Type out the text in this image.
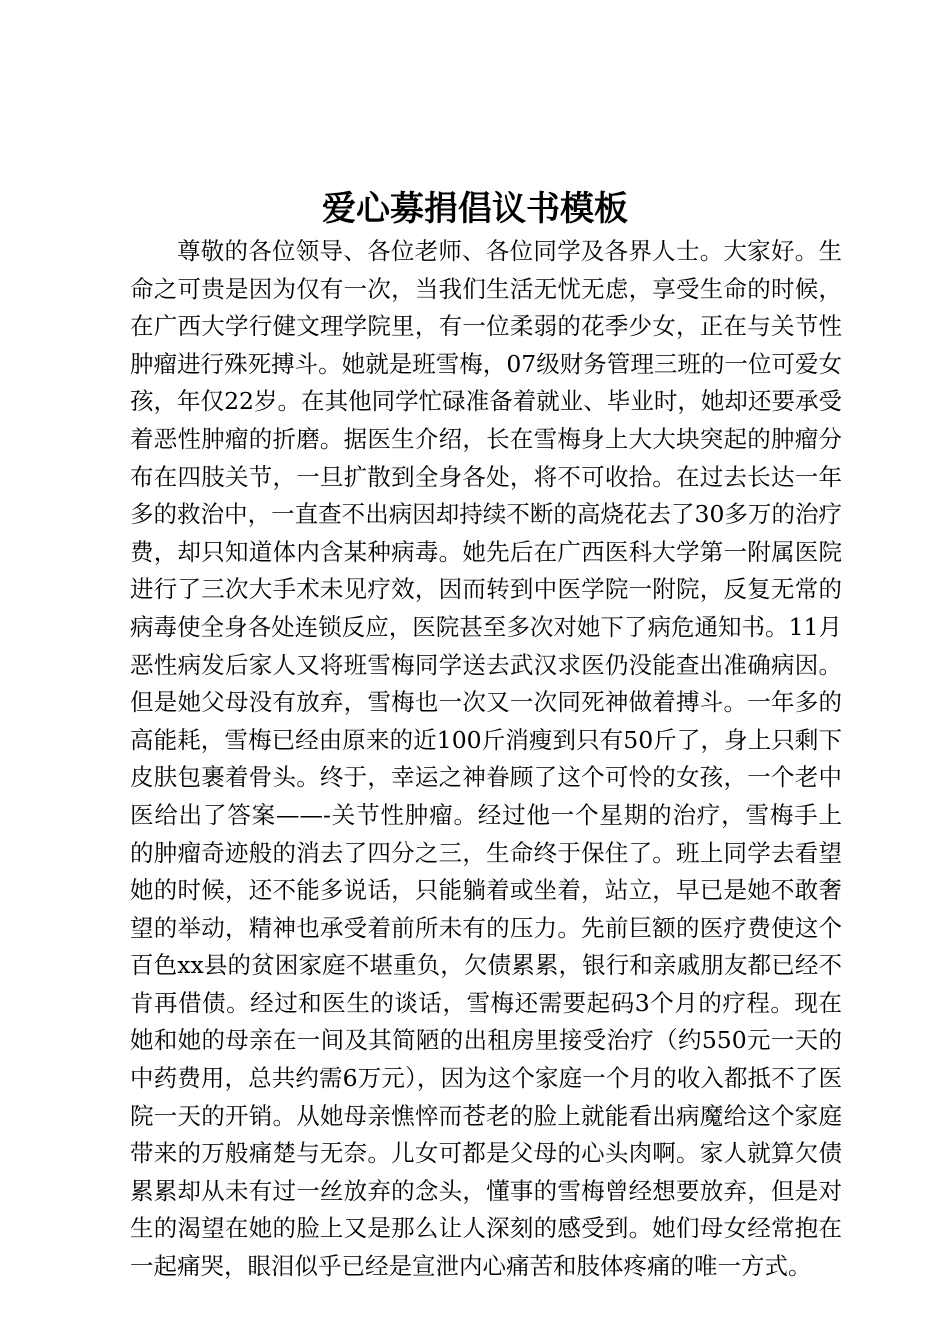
爱心募捐倡议书模板

尊敬的各位领导、各位老师、各位同学及各界人士。大家好。生命之可贵是因为仅有一次，当我们生活无忧无虑，享受生命的时候，在广西大学行健文理学院里，有一位柔弱的花季少女，正在与关节性肿瘤进行殊死搏斗。她就是班雪梅，07级财务管理三班的一位可爱女孩，年仅22岁。在其他同学忙碌准备着就业、毕业时，她却还要承受着恶性肿瘤的折磨。据医生介绍，长在雪梅身上大大块突起的肿瘤分布在四肢关节，一旦扩散到全身各处，将不可收拾。在过去长达一年多的救治中，一直查不出病因却持续不断的高烧花去了30多万的治疗费，却只知道体内含某种病毒。她先后在广西医科大学第一附属医院进行了三次大手术未见疗效，因而转到中医学院一附院，反复无常的病毒使全身各处连锁反应，医院甚至多次对她下了病危通知书。11月恶性病发后家人又将班雪梅同学送去武汉求医仍没能查出准确病因。但是她父母没有放弃，雪梅也一次又一次同死神做着搏斗。一年多的高能耗，雪梅已经由原来的近100斤消瘦到只有50斤了，身上只剩下皮肤包裹着骨头。终于，幸运之神眷顾了这个可怜的女孩，一个老中医给出了答案——-关节性肿瘤。经过他一个星期的治疗，雪梅手上的肿瘤奇迹般的消去了四分之三，生命终于保住了。班上同学去看望她的时候，还不能多说话，只能躺着或坐着，站立，早已是她不敢奢望的举动，精神也承受着前所未有的压力。先前巨额的医疗费使这个百色xx县的贫困家庭不堪重负，欠债累累，银行和亲戚朋友都已经不肯再借债。经过和医生的谈话，雪梅还需要起码3个月的疗程。现在她和她的母亲在一间及其简陋的出租房里接受治疗（约550元一天的中药费用，总共约需6万元），因为这个家庭一个月的收入都抵不了医院一天的开销。从她母亲憔悴而苍老的脸上就能看出病魔给这个家庭带来的万般痛楚与无奈。儿女可都是父母的心头肉啊。家人就算欠债累累却从未有过一丝放弃的念头，懂事的雪梅曾经想要放弃，但是对生的渴望在她的脸上又是那么让人深刻的感受到。她们母女经常抱在一起痛哭，眼泪似乎已经是宣泄内心痛苦和肢体疼痛的唯一方式。
